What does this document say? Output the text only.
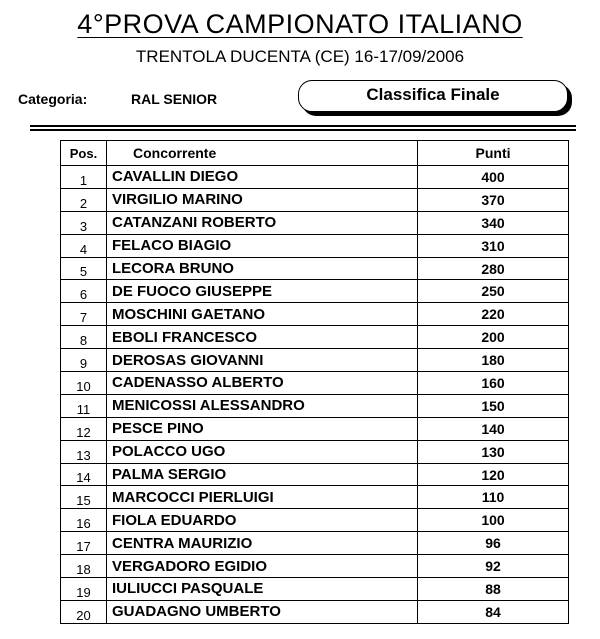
4°PROVA CAMPIONATO ITALIANO
TRENTOLA DUCENTA (CE) 16-17/09/2006
Categoria:	RAL SENIOR	Classifica Finale
Pos.	Concorrente	Punti
1	CAVALLIN DIEGO	400
2	VIRGILIO MARINO	370
3	CATANZANI ROBERTO	340
4	FELACO BIAGIO	310
5	LECORA BRUNO	280
6	DE FUOCO GIUSEPPE	250
7	MOSCHINI GAETANO	220
8	EBOLI FRANCESCO	200
9	DEROSAS GIOVANNI	180
10	CADENASSO ALBERTO	160
11	MENICOSSI ALESSANDRO	150
12	PESCE PINO	140
13	POLACCO UGO	130
14	PALMA SERGIO	120
15	MARCOCCI PIERLUIGI	110
16	FIOLA EDUARDO	100
17	CENTRA MAURIZIO	96
18	VERGADORO EGIDIO	92
19	IULIUCCI PASQUALE	88
20	GUADAGNO UMBERTO	84
